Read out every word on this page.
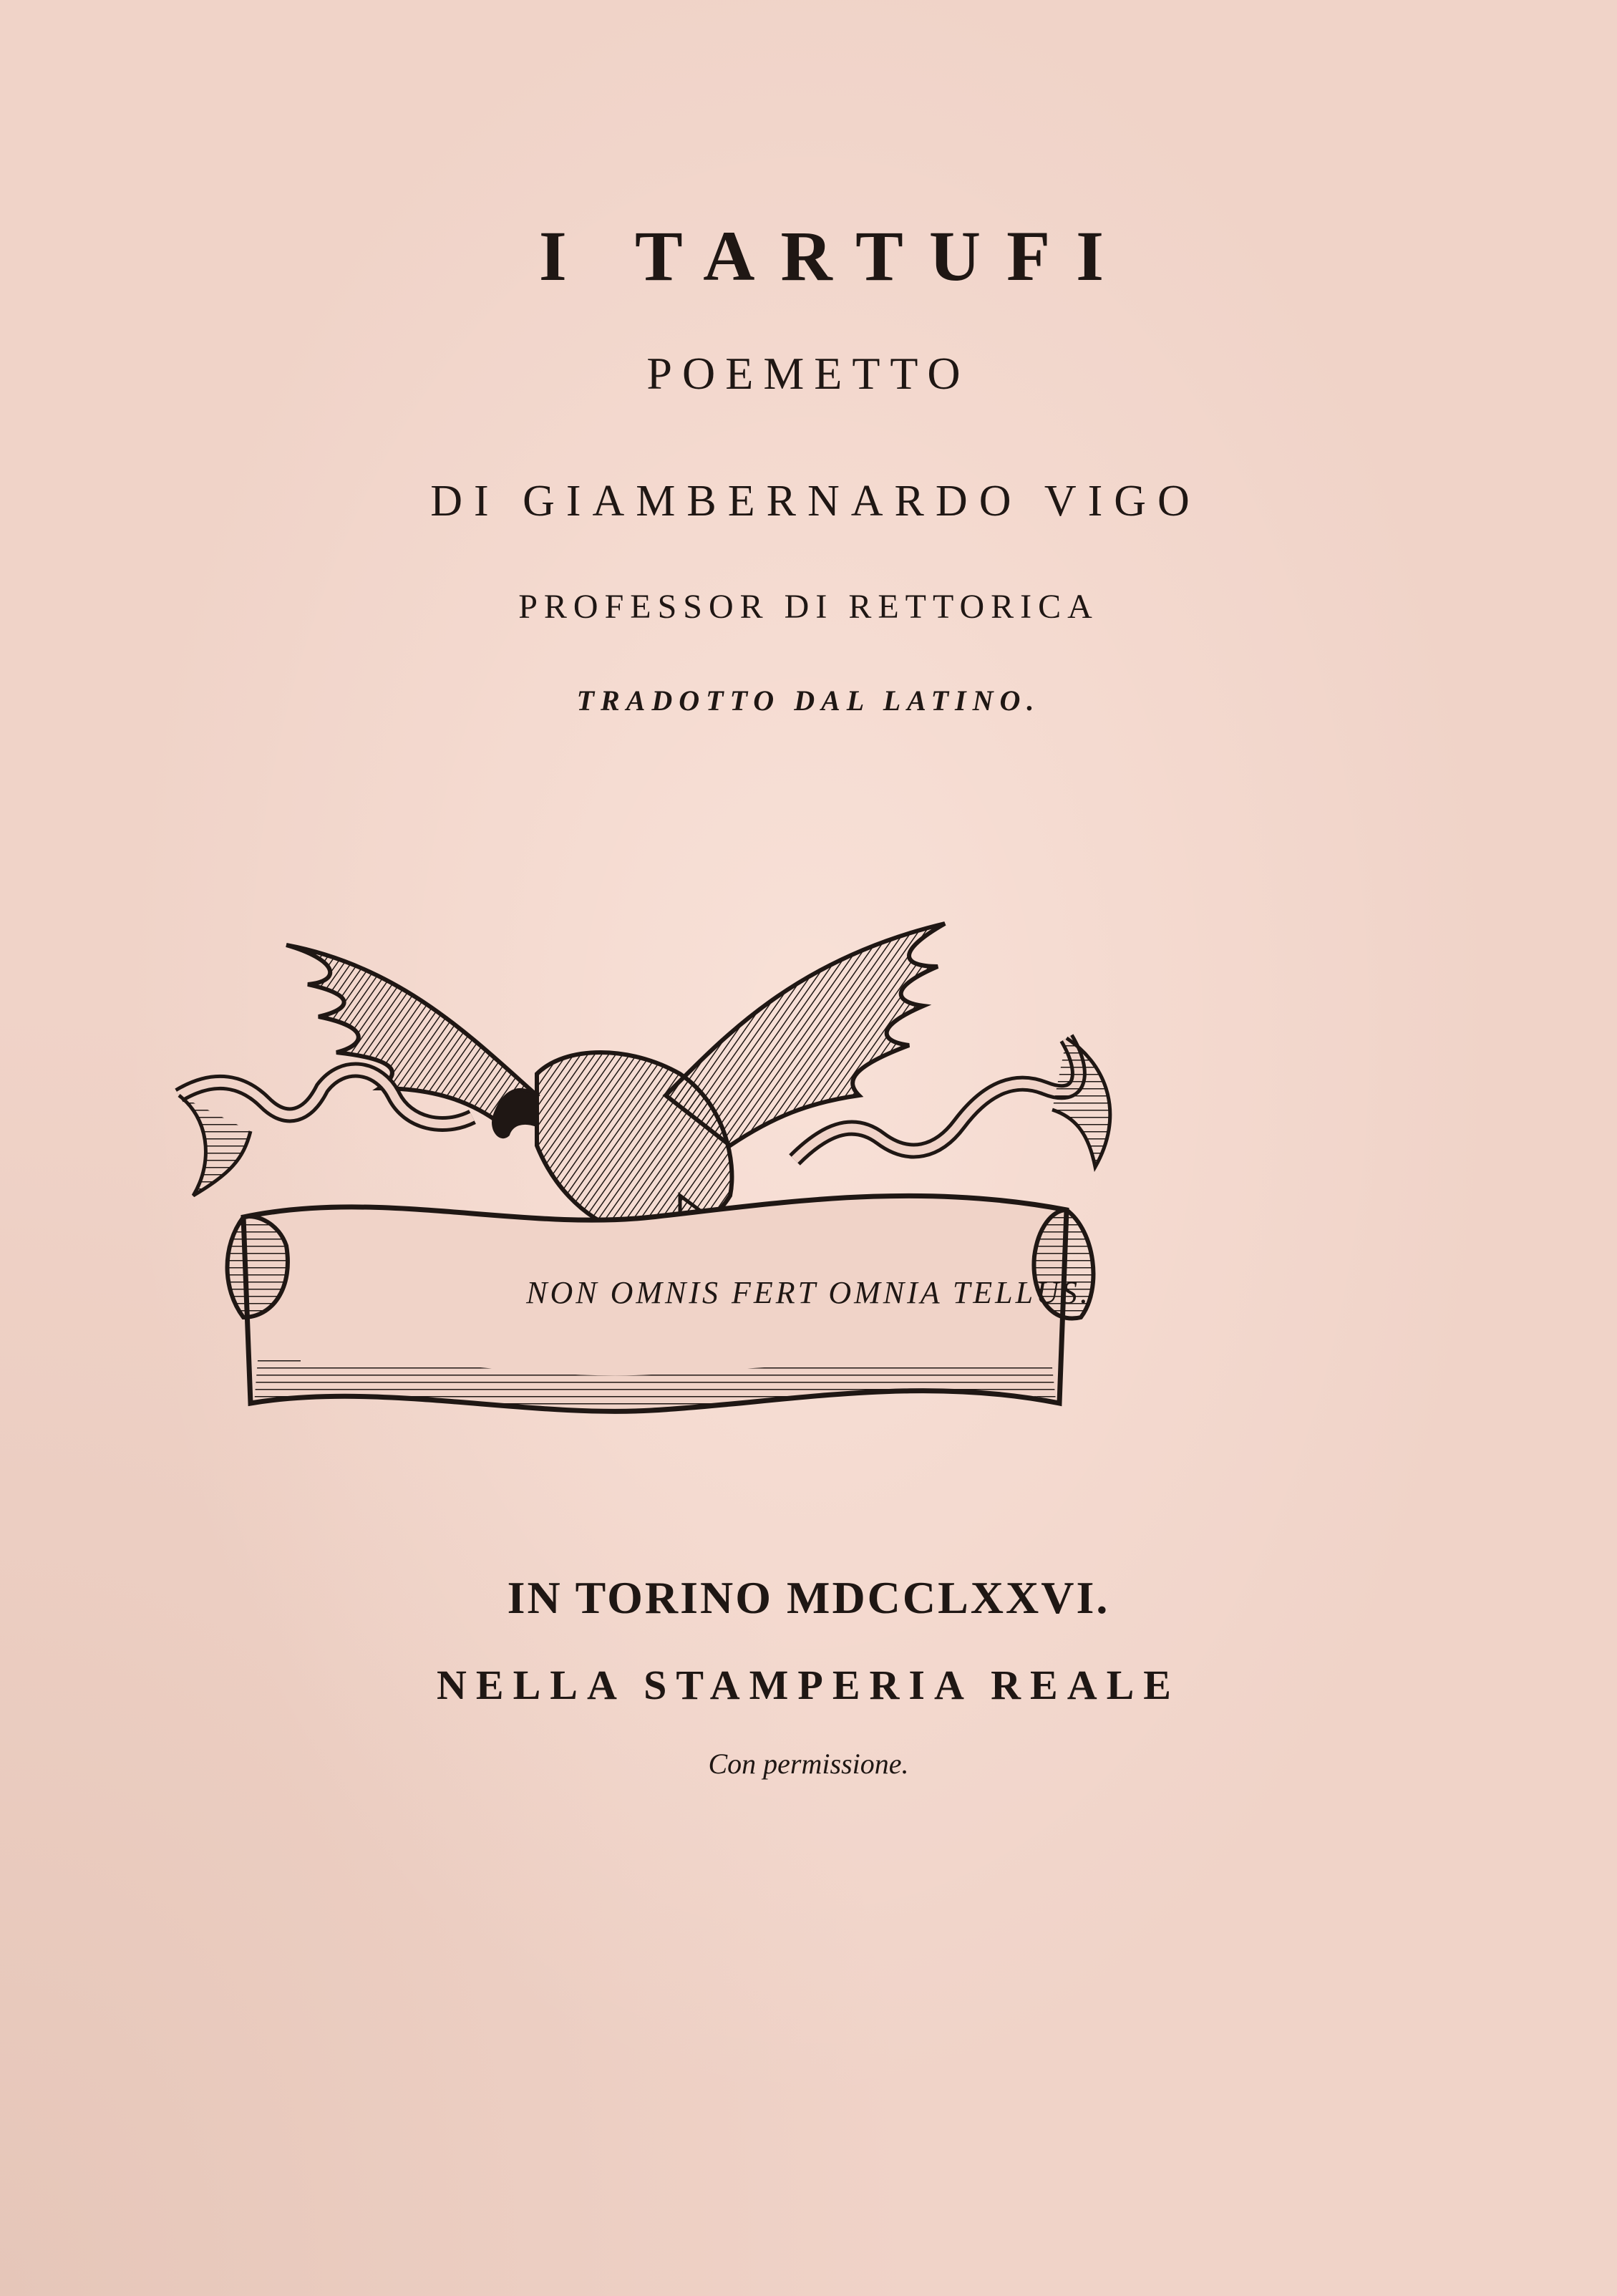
I TARTUFI
POEMETTO
DI GIAMBERNARDO VIGO
PROFESSOR DI RETTORICA
TRADOTTO DAL LATINO.
NON OMNIS FERT OMNIA TELLUS.
IN TORINO MDCCLXXVI.
NELLA STAMPERIA REALE
Con permissione.
